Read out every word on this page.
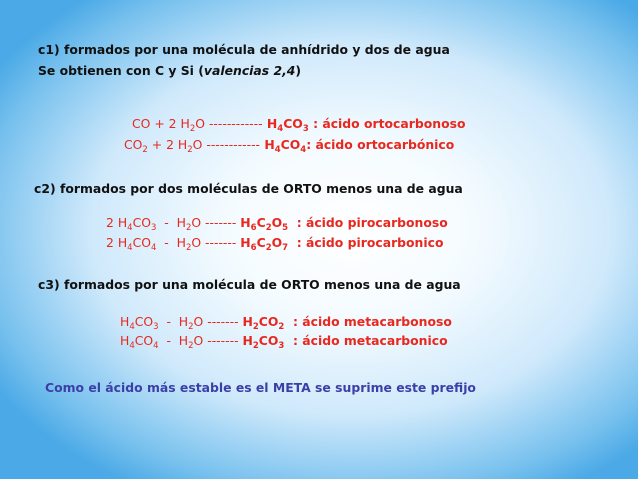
c1) formados por una molécula de anhídrido y dos de agua
Se obtienen con C y Si (valencias 2,4)
CO + 2 $H_2O$ ------------ $H_4CO_3$ : ácido ortocarbonoso
$CO_2 + 2$ $H_2O$ ------------ $H_4CO_4$: ácido ortocarbónico
c2) formados por dos moléculas de ORTO menos una de agua
2 $H_4CO_3 - H_2O$ ------- $H_6C_2O_5$  : ácido pirocarbonoso
2 $H_4CO_4 - H_2O$ ------- $H_6C_2O_7$  : ácido pirocarbonico
c3) formados por una molécula de ORTO menos una de agua
$H_4CO_3 - H_2O$ ------- $H_2CO_2$  : ácido metacarbonoso
$H_4CO_4 - H_2O$ ------- $H_2CO_3$  : ácido metacarbonico
Como el ácido más estable es el META se suprime este prefijo
